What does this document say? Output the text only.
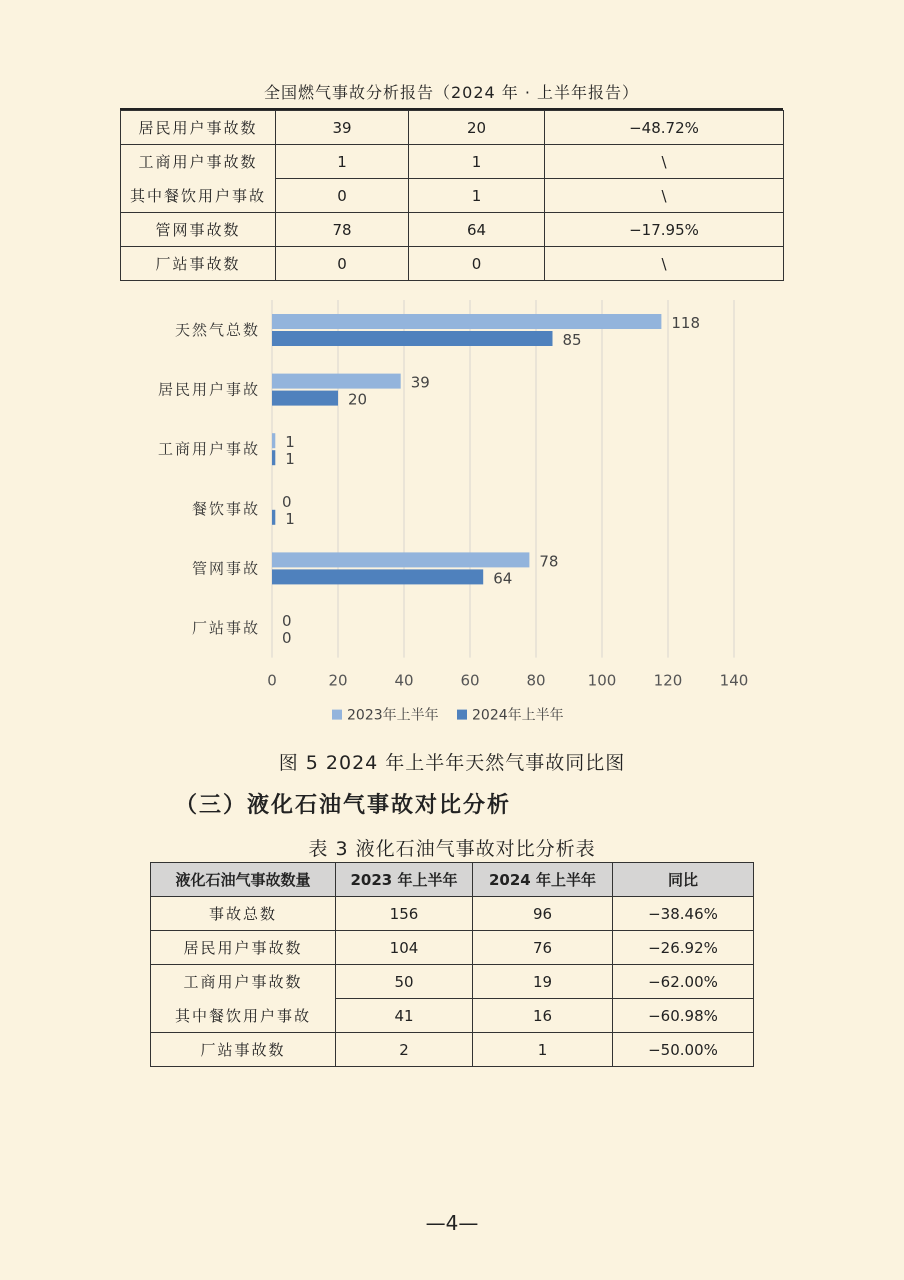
全国燃气事故分析报告（2024 年 · 上半年报告）
居民用户事故数	39	20	−48.72%
工商用户事故数	1	1	\
其中餐饮用户事故	0	1	\
管网事故数	78	64	−17.95%
厂站事故数	0	0	\
0	20	40	60	80	100 120 140
天然气总数	118
85
居民用户事故	39
20
工商用户事故 1
1
餐饮事故 0
1
管网事故	78
64
厂站事故 0
0
2023年上半年 2024年上半年
图 5 2024 年上半年天然气事故同比图
（三）液化石油气事故对比分析
表 3 液化石油气事故对比分析表
液化石油气事故数量	2023 年上半年	2024 年上半年	同比
事故总数	156	96	−38.46%
居民用户事故数	104	76	−26.92%
工商用户事故数	50	19	−62.00%
其中餐饮用户事故	41	16	−60.98%
厂站事故数	2	1	−50.00%
—4—
